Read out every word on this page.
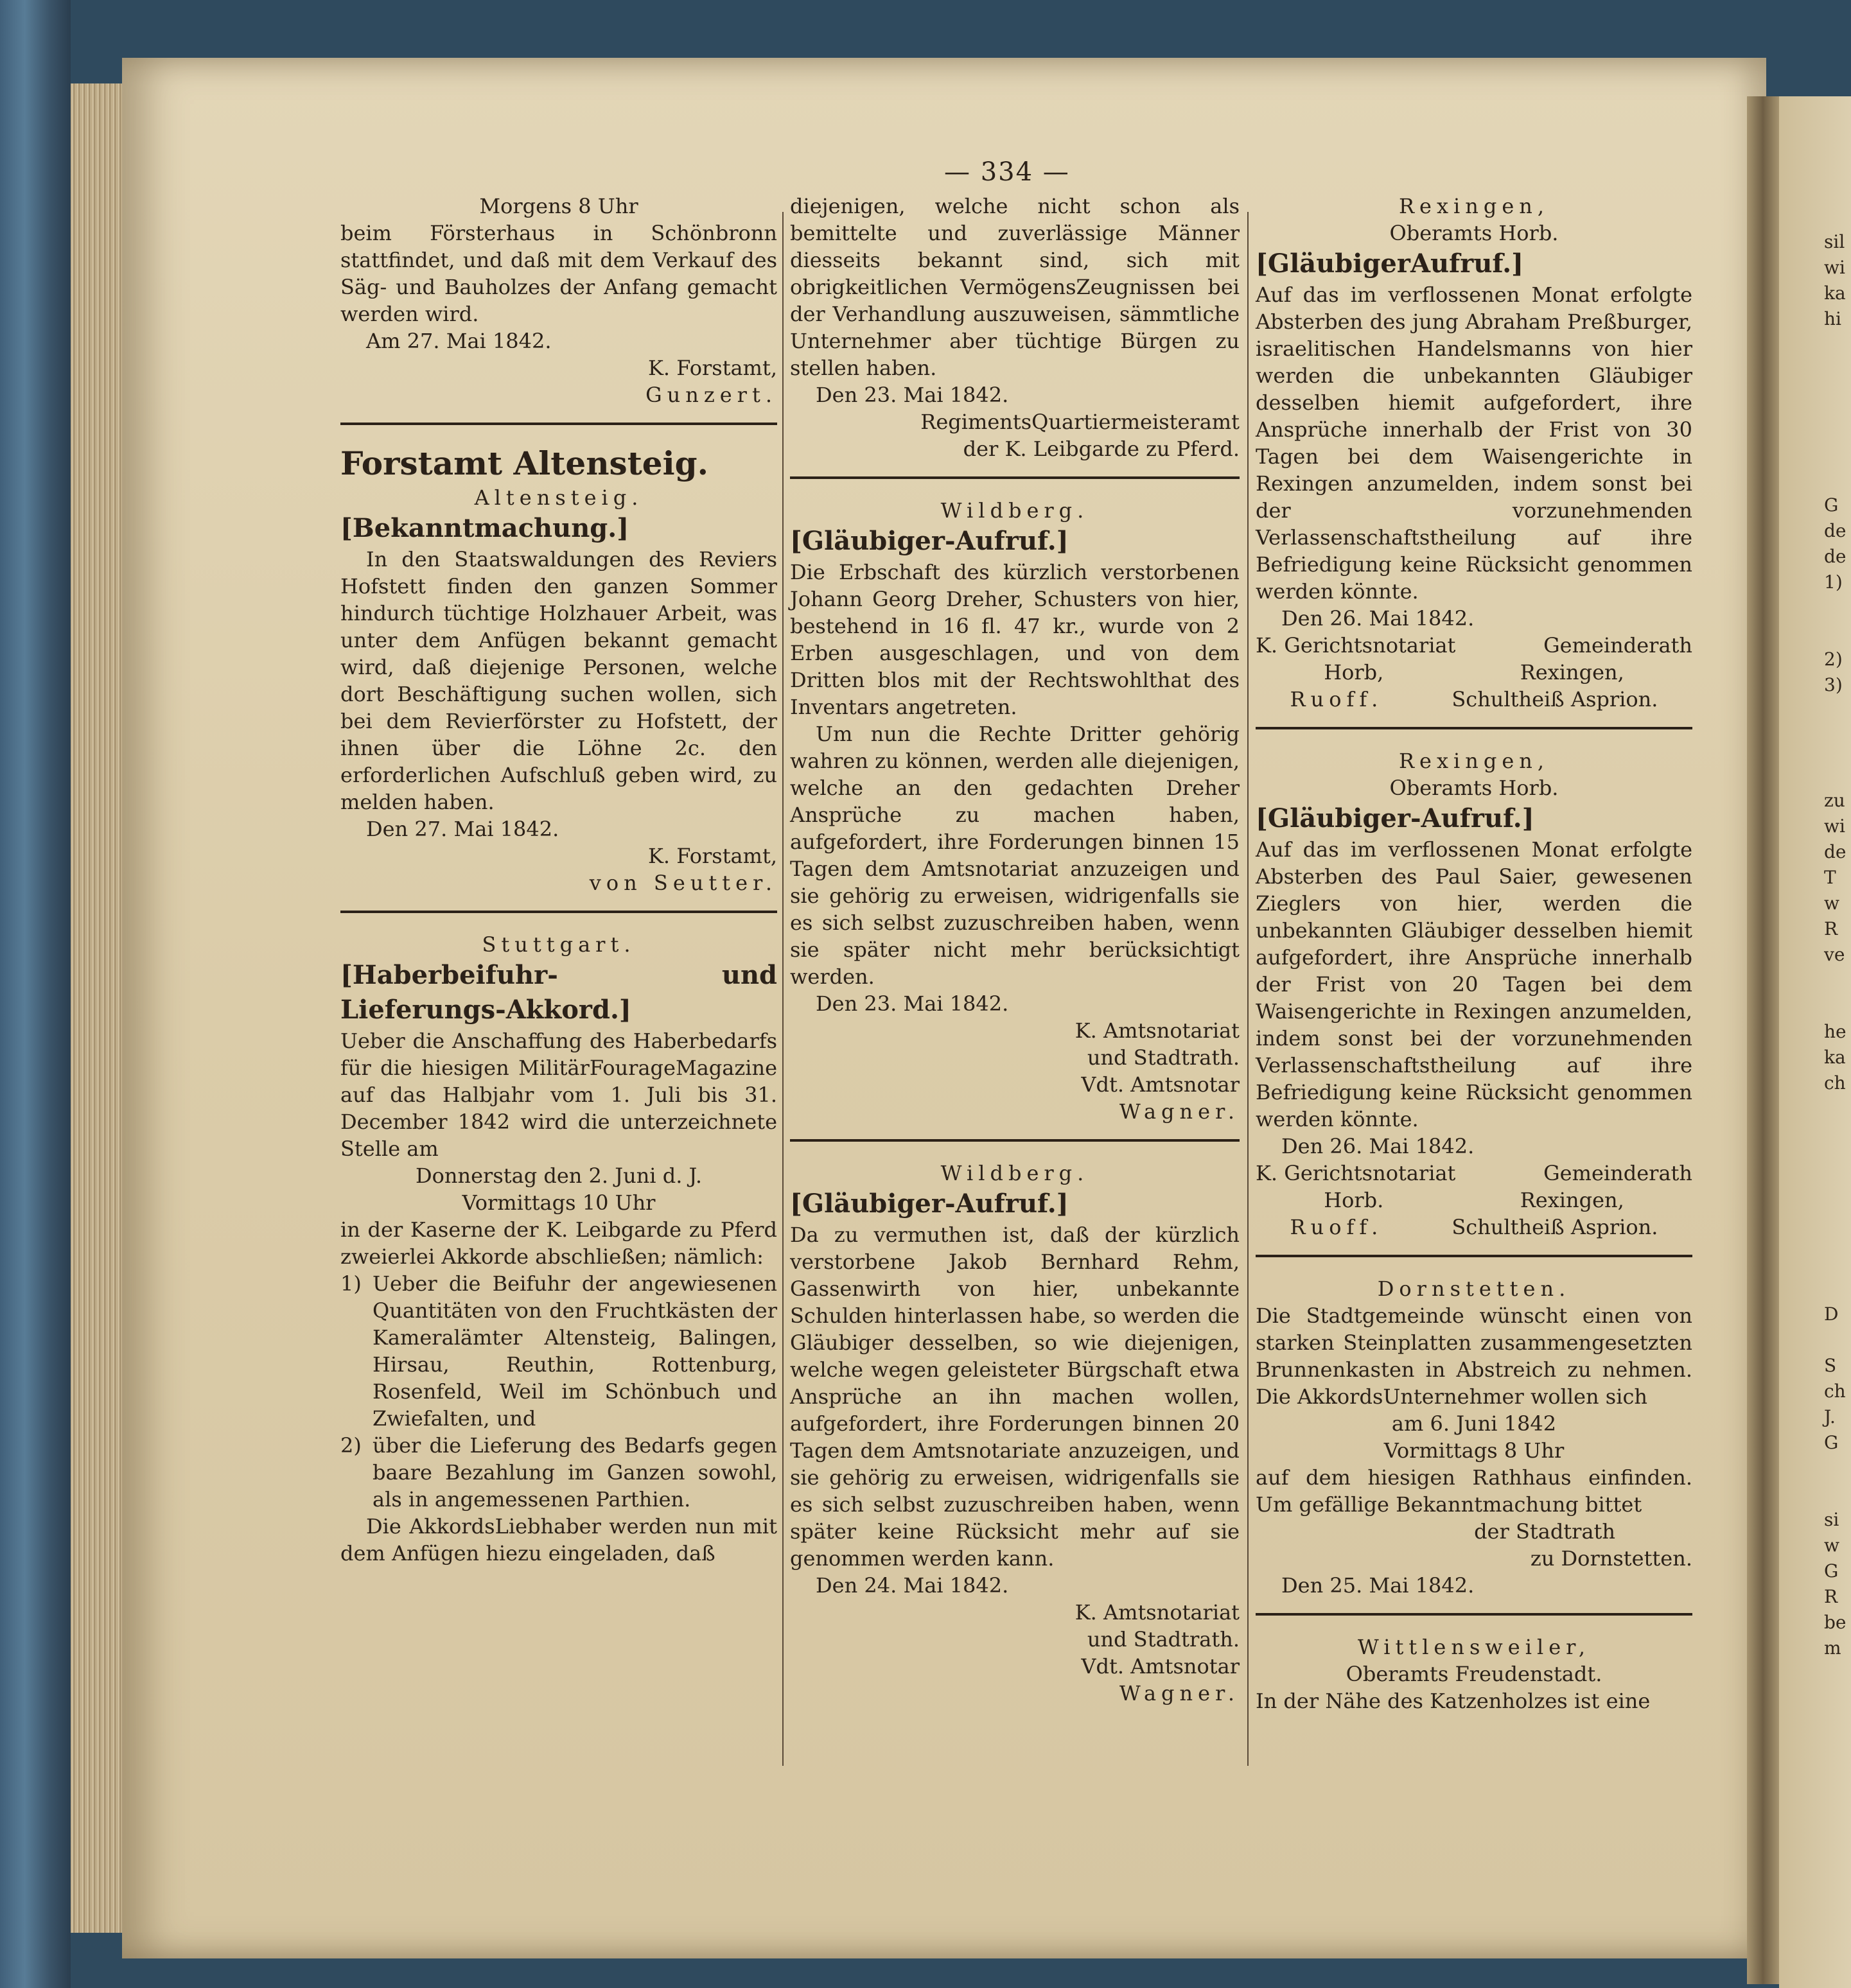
sil
wi
ka
hi
G
de
de
1)
2)
3)
zu
wi
de
T
w
R
ve
he
ka
ch
D
S
ch
J.
G
si
w
G
R
be
m
— 334 —

Morgens 8 Uhr

beim Försterhaus in Schönbronn stattfindet, und daß mit dem Verkauf des Säg- und Bauholzes der Anfang gemacht werden wird.

Am 27. Mai 1842.

K. Forstamt,

Gunzert.

Forstamt Altensteig.

Altensteig.

[Bekanntmachung.]

In den Staatswaldungen des Reviers Hofstett finden den ganzen Sommer hindurch tüchtige Holzhauer Arbeit, was unter dem Anfügen bekannt gemacht wird, daß diejenige Personen, welche dort Beschäftigung suchen wollen, sich bei dem Revierförster zu Hofstett, der ihnen über die Löhne 2c. den erforderlichen Aufschluß geben wird, zu melden haben.

Den 27. Mai 1842.

K. Forstamt,

von Seutter.

Stuttgart.

[Haberbeifuhr- und Lieferungs-Akkord.]

Ueber die Anschaffung des Haberbedarfs für die hiesigen MilitärFourageMagazine auf das Halbjahr vom 1. Juli bis 31. December 1842 wird die unterzeichnete Stelle am

Donnerstag den 2. Juni d. J.

Vormittags 10 Uhr

in der Kaserne der K. Leibgarde zu Pferd zweierlei Akkorde abschließen; nämlich:

1) Ueber die Beifuhr der angewiesenen Quantitäten von den Fruchtkästen der Kameralämter Altensteig, Balingen, Hirsau, Reuthin, Rottenburg, Rosenfeld, Weil im Schönbuch und Zwiefalten, und
2) über die Lieferung des Bedarfs gegen baare Bezahlung im Ganzen sowohl, als in angemessenen Parthien.

Die AkkordsLiebhaber werden nun mit dem Anfügen hiezu eingeladen, daß

diejenigen, welche nicht schon als bemittelte und zuverlässige Männer diesseits bekannt sind, sich mit obrigkeitlichen VermögensZeugnissen bei der Verhandlung auszuweisen, sämmtliche Unternehmer aber tüchtige Bürgen zu stellen haben.

Den 23. Mai 1842.

RegimentsQuartiermeisteramt

der K. Leibgarde zu Pferd.

Wildberg.

[Gläubiger-Aufruf.]

Die Erbschaft des kürzlich verstorbenen Johann Georg Dreher, Schusters von hier, bestehend in 16 fl. 47 kr., wurde von 2 Erben ausgeschlagen, und von dem Dritten blos mit der Rechtswohlthat des Inventars angetreten.

Um nun die Rechte Dritter gehörig wahren zu können, werden alle diejenigen, welche an den gedachten Dreher Ansprüche zu machen haben, aufgefordert, ihre Forderungen binnen 15 Tagen dem Amtsnotariat anzuzeigen und sie gehörig zu erweisen, widrigenfalls sie es sich selbst zuzuschreiben haben, wenn sie später nicht mehr berücksichtigt werden.

Den 23. Mai 1842.

K. Amtsnotariat

und Stadtrath.

Vdt. Amtsnotar

Wagner.

Wildberg.

[Gläubiger-Aufruf.]

Da zu vermuthen ist, daß der kürzlich verstorbene Jakob Bernhard Rehm, Gassenwirth von hier, unbekannte Schulden hinterlassen habe, so werden die Gläubiger desselben, so wie diejenigen, welche wegen geleisteter Bürgschaft etwa Ansprüche an ihn machen wollen, aufgefordert, ihre Forderungen binnen 20 Tagen dem Amtsnotariate anzuzeigen, und sie gehörig zu erweisen, widrigenfalls sie es sich selbst zuzuschreiben haben, wenn später keine Rücksicht mehr auf sie genommen werden kann.

Den 24. Mai 1842.

K. Amtsnotariat

und Stadtrath.

Vdt. Amtsnotar

Wagner.

Rexingen,

Oberamts Horb.

[GläubigerAufruf.]

Auf das im verflossenen Monat erfolgte Absterben des jung Abraham Preßburger, israelitischen Handelsmanns von hier werden die unbekannten Gläubiger desselben hiemit aufgefordert, ihre Ansprüche innerhalb der Frist von 30 Tagen bei dem Waisengerichte in Rexingen anzumelden, indem sonst bei der vorzunehmenden Verlassenschaftstheilung auf ihre Befriedigung keine Rücksicht genommen werden könnte.

Den 26. Mai 1842.

K. Gerichtsnotariat	Gemeinderath

Horb,	Rexingen,

Ruoff.	Schultheiß Asprion.

Rexingen,

Oberamts Horb.

[Gläubiger-Aufruf.]

Auf das im verflossenen Monat erfolgte Absterben des Paul Saier, gewesenen Zieglers von hier, werden die unbekannten Gläubiger desselben hiemit aufgefordert, ihre Ansprüche innerhalb der Frist von 20 Tagen bei dem Waisengerichte in Rexingen anzumelden, indem sonst bei der vorzunehmenden Verlassenschaftstheilung auf ihre Befriedigung keine Rücksicht genommen werden könnte.

Den 26. Mai 1842.

K. Gerichtsnotariat	Gemeinderath

Horb.	Rexingen,

Ruoff.	Schultheiß Asprion.

Dornstetten.

Die Stadtgemeinde wünscht einen von starken Steinplatten zusammengesetzten Brunnenkasten in Abstreich zu nehmen. Die AkkordsUnternehmer wollen sich

am 6. Juni 1842

Vormittags 8 Uhr

auf dem hiesigen Rathhaus einfinden. Um gefällige Bekanntmachung bittet

der Stadtrath

zu Dornstetten.

Den 25. Mai 1842.

Wittlensweiler,

Oberamts Freudenstadt.

In der Nähe des Katzenholzes ist eine
